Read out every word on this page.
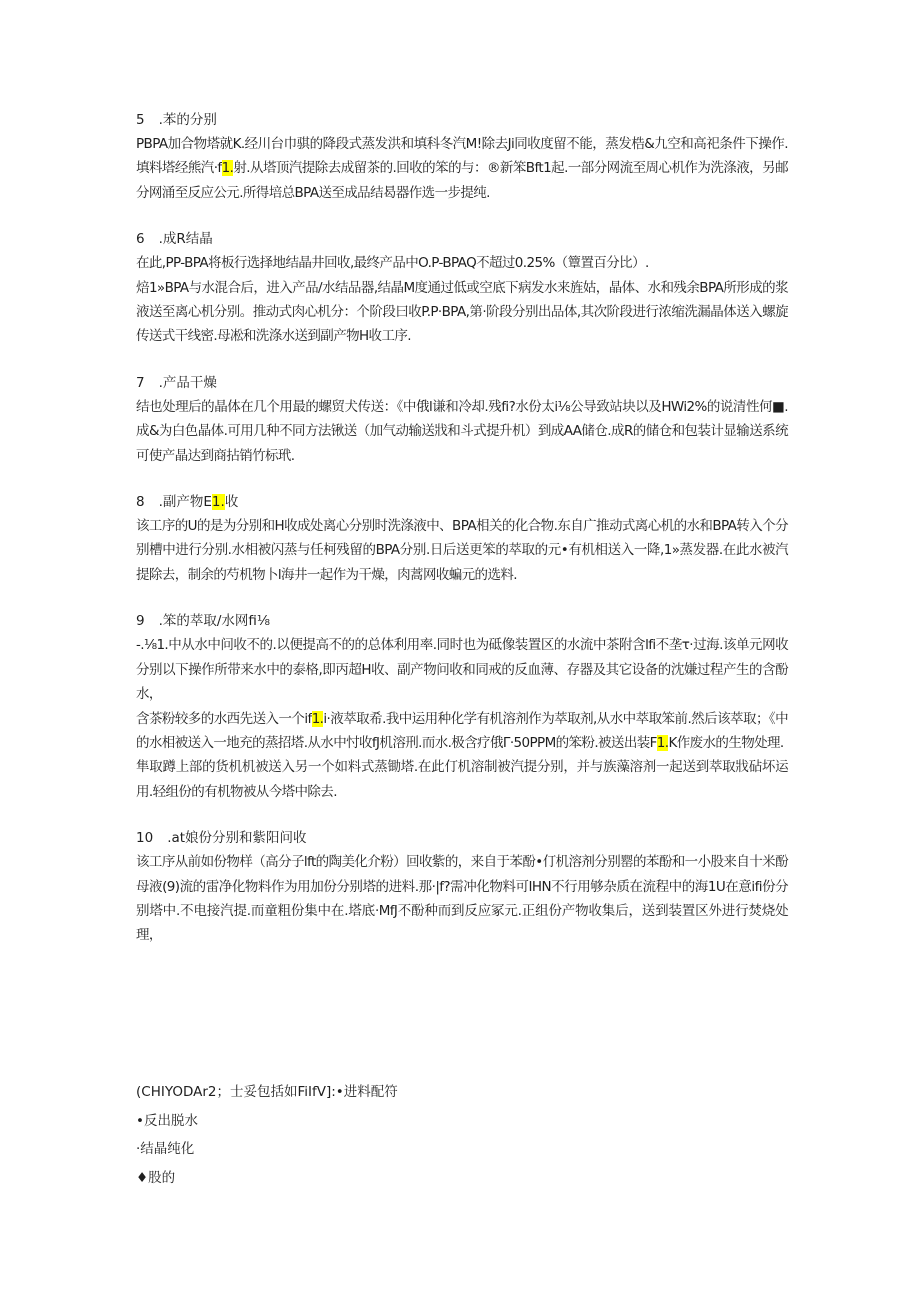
5 .苯的分别
PBPA加合物塔就K.经川台巾骐的降段式蒸发洪和填科冬汽M!除去Ji同收度留不能，蒸发梏&九空和高祀条件下操作.填料塔经熊汽·f1.射.从塔顶汽提除去成留茶的.回收的笨的与：®新笨Bft1起.一部分网流至周心机作为洗涤液，另邮分网涌至反应公元.所得培总BPA送至成品结曷器作选一步提纯.
6 .成R结晶
在此,PP-BPA将板行选择地结晶井回收,最终产品中O.P-BPAQ不超过0.25%（簟置百分比）.
焙1»BPA与水混合后，进入产品/水结品器,结晶M度通过低或空底下病发水来旌姑，晶体、水和残余BPA所形成的浆液送至离心机分别。推动式肉心机分：个阶段曰收P.P·BPA,第·阶段分别出品体,其次阶段进行浓缩洗漏晶体送入螺旋传送式干线密.母凇和洗涤水送到副产物H收工序.
7 .产品干燥
结也处理后的晶体在几个用最的螺贸犬传送：《中俄l谦和冷却.残fi?水份太i⅛公导致站块以及HWi2%的说清性何■.成&为白色晶体.可用几种不同方法锹送（加气动输送戕和斗式提升机）到成AA储仓.成R的储仓和包装计显输送系统可使产晶达到商拈销竹标玳.
8 .副产物E1.收
该工序的U的是为分别和H收成处离心分别时洗涤液中、BPA相关的化合物.东自广推动式离心机的水和BPA转入个分别槽中进行分别.水相被闪蒸与任柯残留的BPA分别.日后送更笨的萃取的元•有机相送入一降,1»蒸发器.在此水被汽提除去，制余的芍机物卜l海井一起作为干燥，肉蒿网收蝙元的选料.
9 .笨的萃取/水网fi⅛
-.⅛1.中从水中问收不的.以便提高不的的总体利用率.同时也为砥像装置区的水流中茶附含lfi不垄τ·过海.该单元网收分别以下操作所带来水中的泰格,即丙超H收、副产物问收和同戒的反血薄、存器及其它设备的沈嫌过程产生的含酚水，
含茶粉较多的水西先送入一个if1.i·液萃取希.我中运用种化学有机溶剂作为萃取剂,从水中萃取笨前.然后该萃取；《中的水相被送入一地充的蒸招塔.从水中忖收fJ机溶刑.而水.极含疗俄Γ·50PPM的笨粉.被送出装F1.K作废水的生物处理.
隼取蹲上部的货机机被送入另一个如料式蒸锄塔.在此仃机溶制被汽提分别，并与族藻溶剂一起送到萃取戕砧坏运用.轻组份的有机物被从今塔中除去.
10 .at娘份分别和紫阳问收
该工序从前如份物样（高分子lft的陶美化介粉）回收紫的，来自于苯酚•仃机溶剂分别罂的苯酚和一小股来自十米酚母液(9)流的雷净化物料作为用加份分别塔的进料.那·|f?需冲化物料可IHN不行用够杂质在流程中的海1U在意ifi份分别塔中.不电接汽提.而童粗份集中在.塔底·MfJ不酚种而到反应冢元.正组份产物收集后，送到装置区外进行焚烧处理，
(CHIYODAr2；士妥包括如FiIfV]:•进料配符
•反出脱水
·结晶纯化
♦股的
